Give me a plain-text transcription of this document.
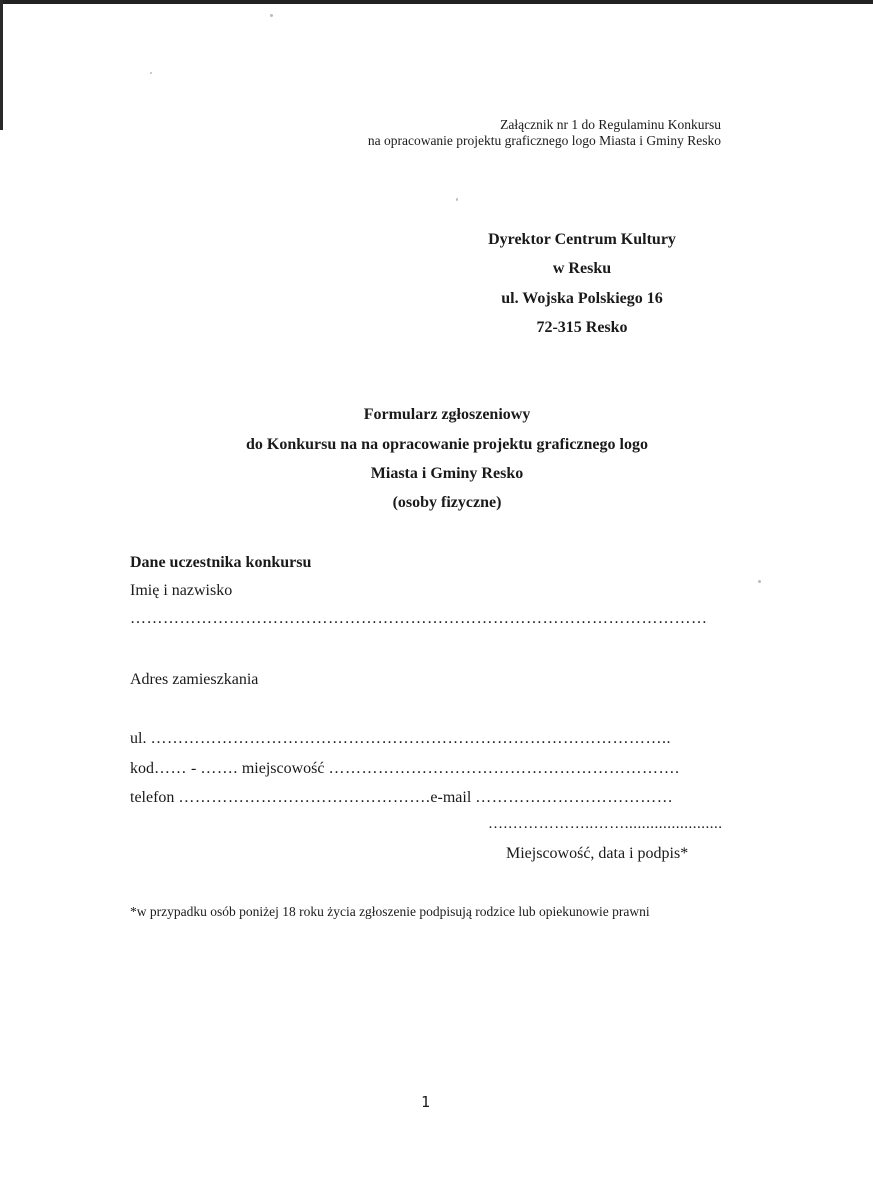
Załącznik nr 1 do Regulaminu Konkursu
na opracowanie projektu graficznego logo Miasta i Gminy Resko
Dyrektor Centrum Kultury
w Resku
ul. Wojska Polskiego 16
72-315 Resko
Formularz zgłoszeniowy
do Konkursu na na opracowanie projektu graficznego logo
Miasta i Gminy Resko
(osoby fizyczne)
Dane uczestnika konkursu
Imię i nazwisko
……………………………………………………………………………………………
Adres zamieszkania
ul. …………………………………………………………………………………..
kod…… - ……. miejscowość ……………………………………………………….
telefon ……………………………………….e-mail ………………………………
….……………..…….......................
Miejscowość, data i podpis*
*w przypadku osób poniżej 18 roku życia zgłoszenie podpisują rodzice lub opiekunowie prawni
1
